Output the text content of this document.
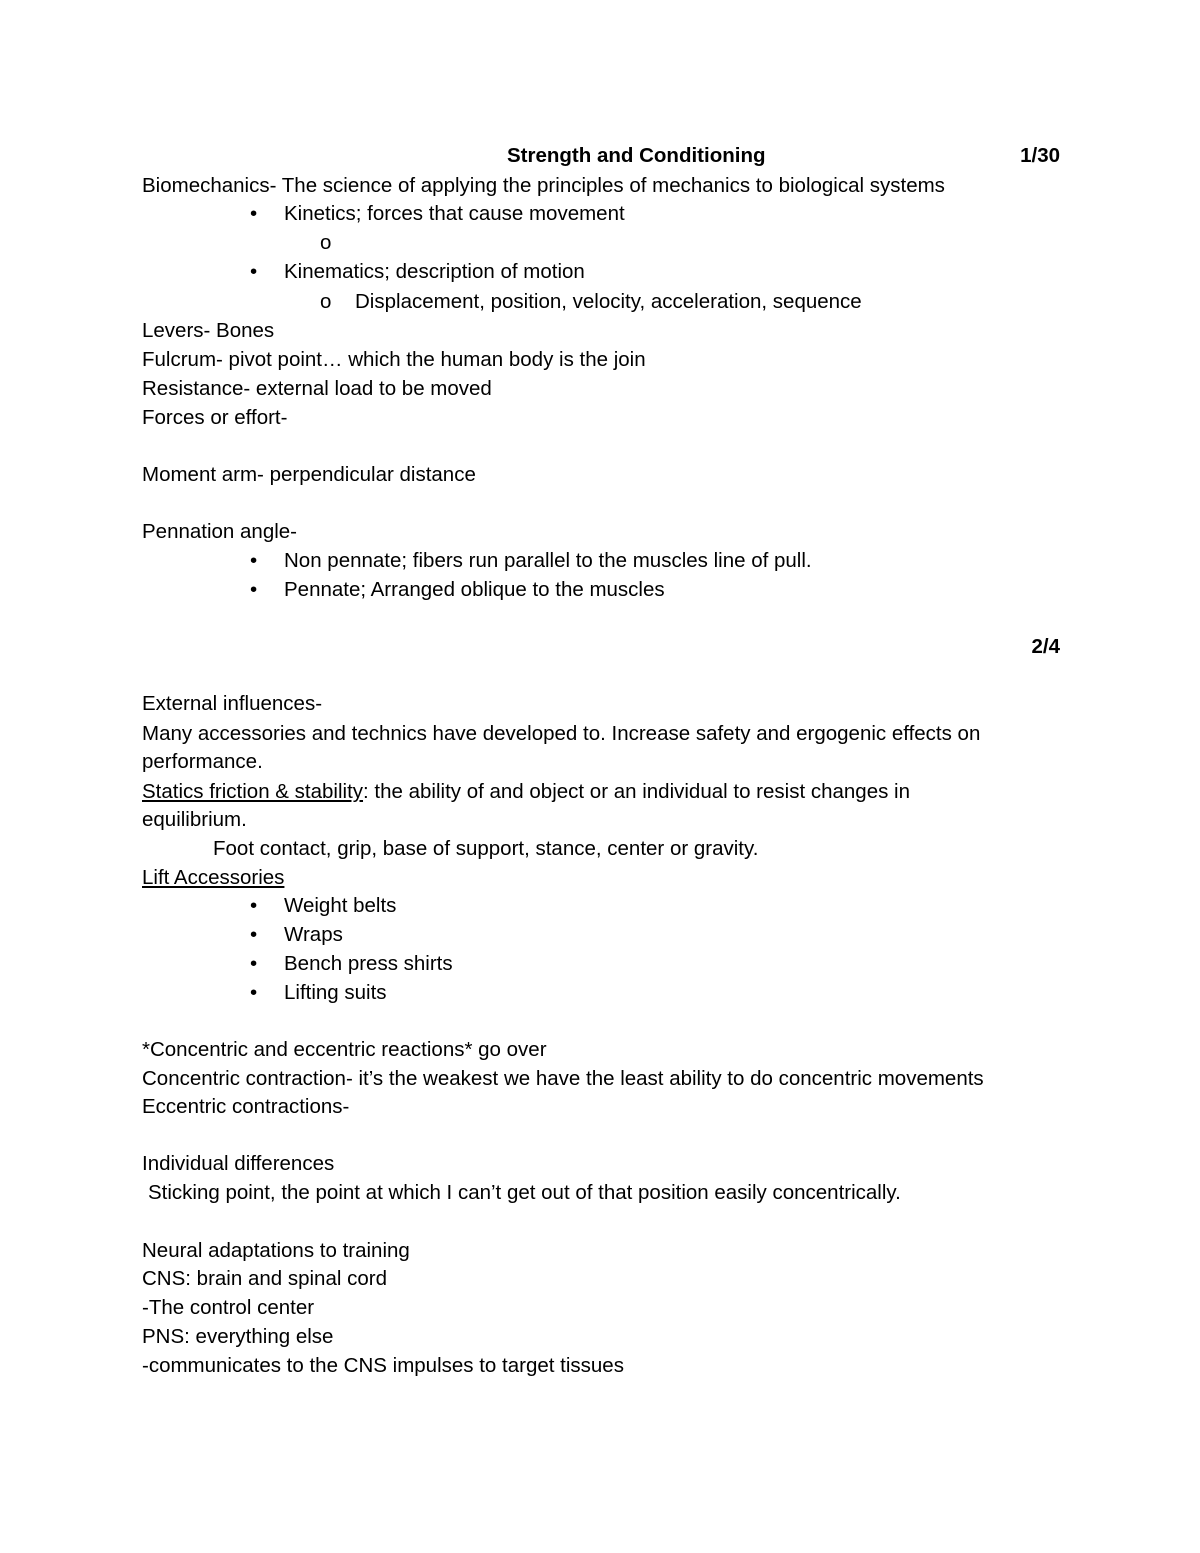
Strength and Conditioning	1/30
Biomechanics- The science of applying the principles of mechanics to biological systems
• Kinetics; forces that cause movement
o
• Kinematics; description of motion
o Displacement, position, velocity, acceleration, sequence
Levers- Bones
Fulcrum- pivot point… which the human body is the join
Resistance- external load to be moved
Forces or effort-
Moment arm- perpendicular distance
Pennation angle-
• Non pennate; fibers run parallel to the muscles line of pull.
• Pennate; Arranged oblique to the muscles
2/4
External influences-
Many accessories and technics have developed to. Increase safety and ergogenic effects on
performance.
Statics friction & stability: the ability of and object or an individual to resist changes in
equilibrium.
Foot contact, grip, base of support, stance, center or gravity.
Lift Accessories
• Weight belts
• Wraps
• Bench press shirts
• Lifting suits
*Concentric and eccentric reactions* go over
Concentric contraction- it’s the weakest we have the least ability to do concentric movements
Eccentric contractions-
Individual differences
Sticking point, the point at which I can’t get out of that position easily concentrically.
Neural adaptations to training
CNS: brain and spinal cord
-The control center
PNS: everything else
-communicates to the CNS impulses to target tissues
